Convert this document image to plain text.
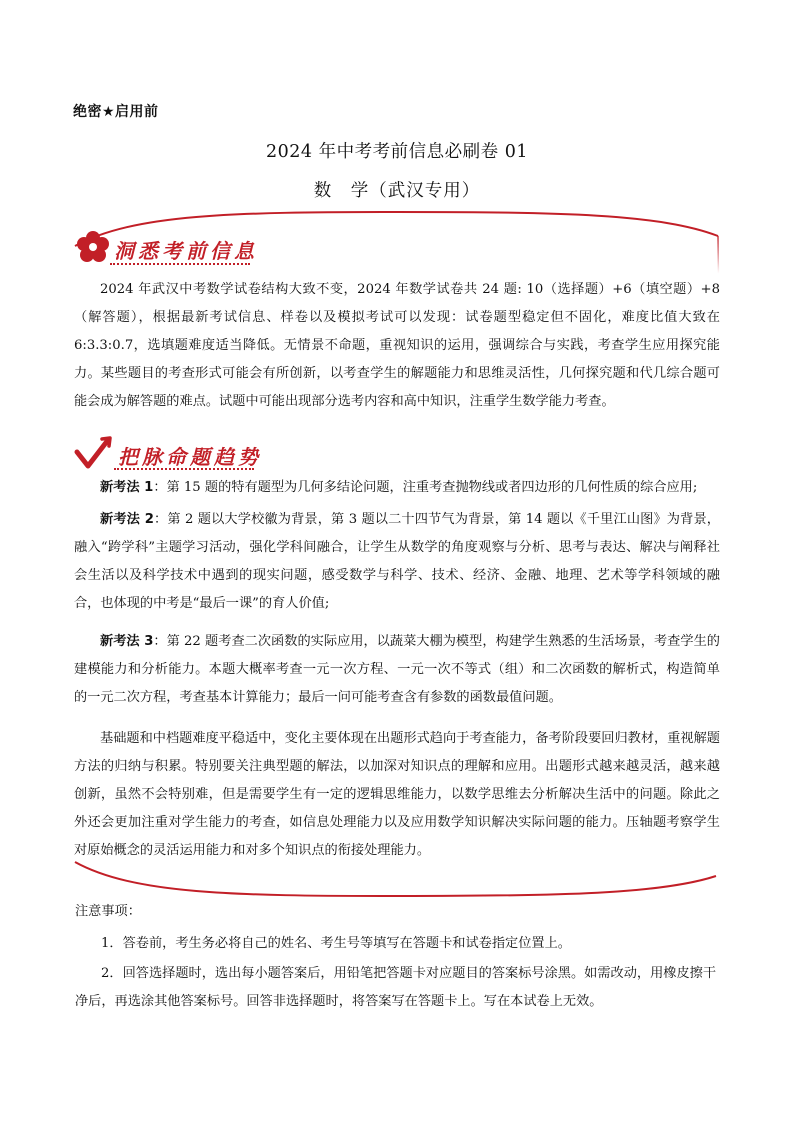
绝密★启用前
2024 年中考考前信息必刷卷 01
数　学（武汉专用）
洞悉考前信息
2024 年武汉中考数学试卷结构大致不变，2024 年数学试卷共 24 题: 10（选择题）+6（填空题）+8（解答题），根据最新考试信息、样卷以及模拟考试可以发现：试卷题型稳定但不固化，难度比值大致在 6:3.3:0.7，选填题难度适当降低。无情景不命题，重视知识的运用，强调综合与实践，考查学生应用探究能力。某些题目的考查形式可能会有所创新，以考查学生的解题能力和思维灵活性，几何探究题和代几综合题可能会成为解答题的难点。试题中可能出现部分选考内容和高中知识，注重学生数学能力考查。
把脉命题趋势
新考法 1：第 15 题的特有题型为几何多结论问题，注重考查抛物线或者四边形的几何性质的综合应用;
新考法 2：第 2 题以大学校徽为背景，第 3 题以二十四节气为背景，第 14 题以《千里江山图》为背景，融入“跨学科”主题学习活动，强化学科间融合，让学生从数学的角度观察与分析、思考与表达、解决与阐释社会生活以及科学技术中遇到的现实问题，感受数学与科学、技术、经济、金融、地理、艺术等学科领域的融合，也体现的中考是“最后一课”的育人价值;
新考法 3：第 22 题考查二次函数的实际应用，以蔬菜大棚为模型，构建学生熟悉的生活场景，考查学生的建模能力和分析能力。本题大概率考查一元一次方程、一元一次不等式（组）和二次函数的解析式，构造简单的一元二次方程，考查基本计算能力；最后一问可能考查含有参数的函数最值问题。
基础题和中档题难度平稳适中，变化主要体现在出题形式趋向于考查能力，备考阶段要回归教材，重视解题方法的归纳与积累。特别要关注典型题的解法，以加深对知识点的理解和应用。出题形式越来越灵活，越来越创新，虽然不会特别难，但是需要学生有一定的逻辑思维能力，以数学思维去分析解决生活中的问题。除此之外还会更加注重对学生能力的考查，如信息处理能力以及应用数学知识解决实际问题的能力。压轴题考察学生对原始概念的灵活运用能力和对多个知识点的衔接处理能力。
注意事项：
1．答卷前，考生务必将自己的姓名、考生号等填写在答题卡和试卷指定位置上。
2．回答选择题时，选出每小题答案后，用铅笔把答题卡对应题目的答案标号涂黑。如需改动，用橡皮擦干净后，再选涂其他答案标号。回答非选择题时，将答案写在答题卡上。写在本试卷上无效。
